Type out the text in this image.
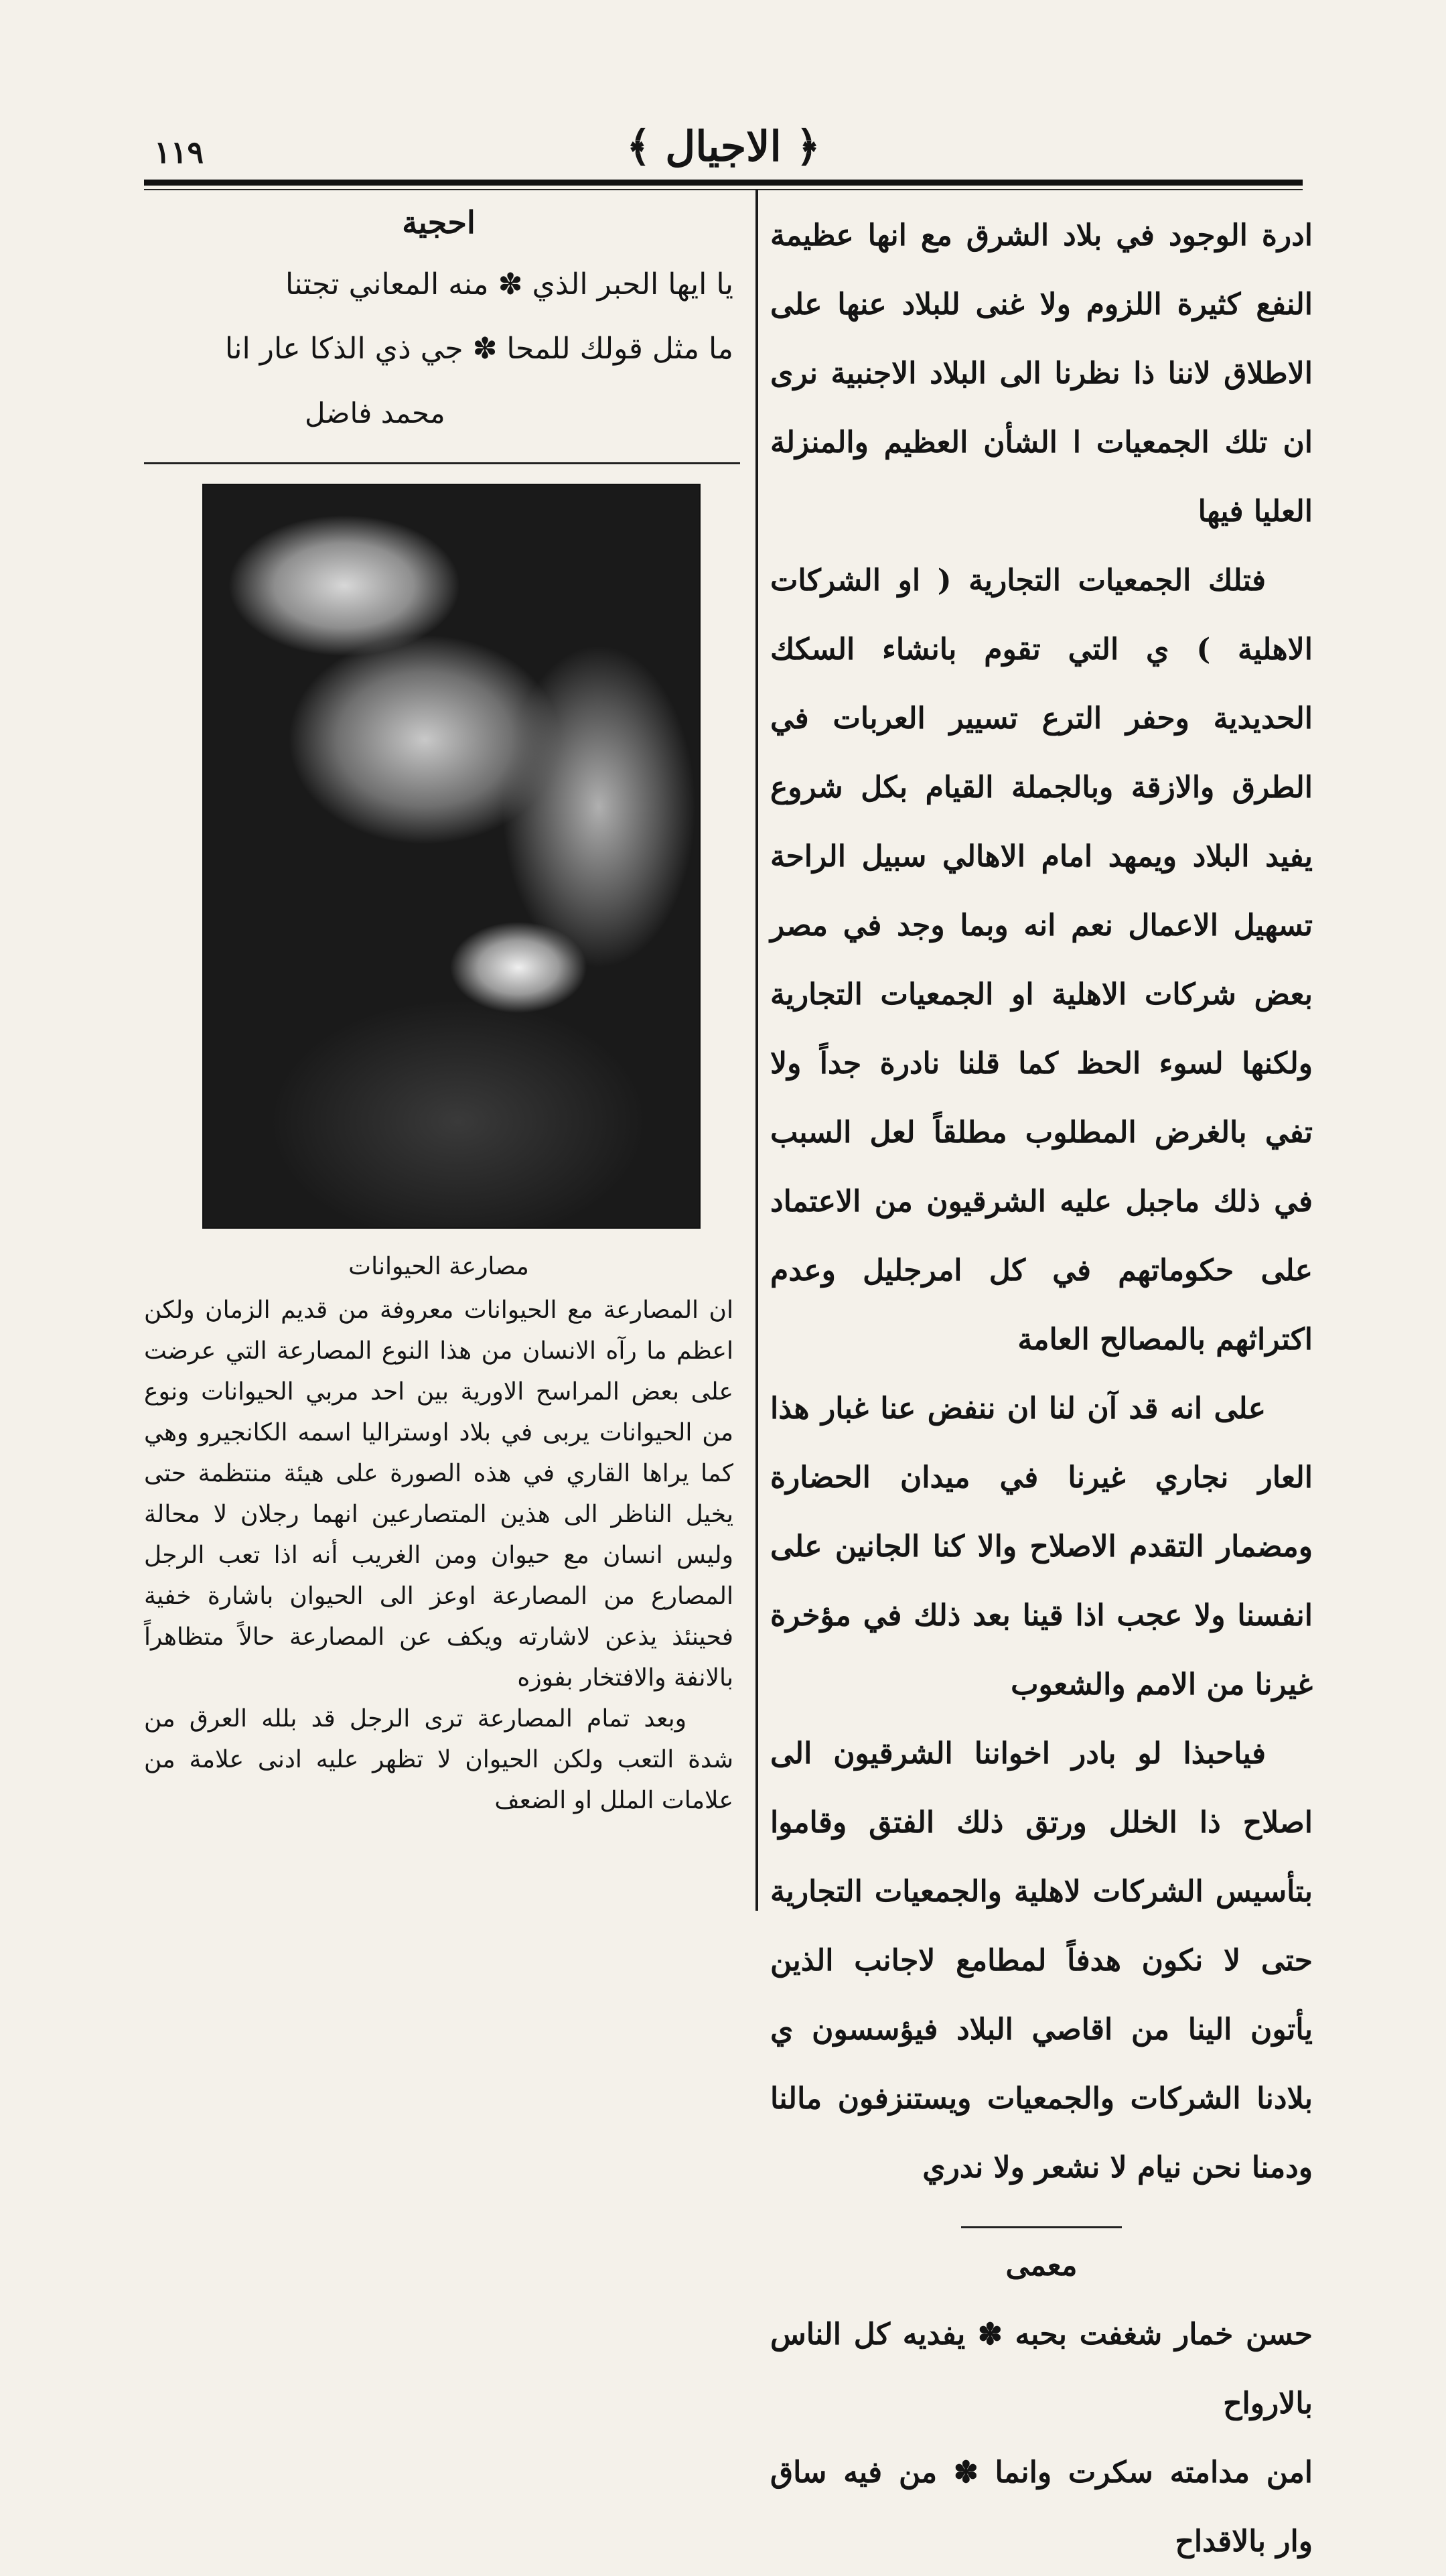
١١٩	﴿ الاجيال ﴾

ادرة الوجود في بلاد الشرق مع انها عظيمة النفع كثيرة اللزوم ولا غنى للبلاد عنها على الاطلاق لاننا ذا نظرنا الى البلاد الاجنبية نرى ان تلك الجمعيات ا الشأن العظيم والمنزلة العليا فيها

فتلك الجمعيات التجارية ( او الشركات الاهلية ) ي التي تقوم بانشاء السكك الحديدية وحفر الترع تسيير العربات في الطرق والازقة وبالجملة القيام بكل شروع يفيد البلاد ويمهد امام الاهالي سبيل الراحة تسهيل الاعمال نعم انه وبما وجد في مصر بعض شركات الاهلية او الجمعيات التجارية ولكنها لسوء الحظ كما قلنا نادرة جداً ولا تفي بالغرض المطلوب مطلقاً لعل السبب في ذلك ماجبل عليه الشرقيون من الاعتماد على حكوماتهم في كل امرجليل وعدم اكتراثهم بالمصالح العامة

على انه قد آن لنا ان ننفض عنا غبار هذا العار نجاري غيرنا في ميدان الحضارة ومضمار التقدم الاصلاح والا كنا الجانين على انفسنا ولا عجب اذا قينا بعد ذلك في مؤخرة غيرنا من الامم والشعوب

فياحبذا لو بادر اخواننا الشرقيون الى اصلاح ذا الخلل ورتق ذلك الفتق وقاموا بتأسيس الشركات لاهلية والجمعيات التجارية حتى لا نكون هدفاً لمطامع لاجانب الذين يأتون الينا من اقاصي البلاد فيؤسسون ي بلادنا الشركات والجمعيات ويستنزفون مالنا ودمنا نحن نيام لا نشعر ولا ندري

معمى

حسن خمار شغفت بحبه ✽ يفديه كل الناس بالارواح

امن مدامته سكرت وانما ✽ من فيه ساق وار بالاقداح

احجية

يا ايها الحبر الذي ✽ منه المعاني تجتنا

ما مثل قولك للمحا ✽ جي ذي الذكا عار انا

محمد فاضل

مصارعة الحيوانات

ان المصارعة مع الحيوانات معروفة من قديم الزمان ولكن اعظم ما رآه الانسان من هذا النوع المصارعة التي عرضت على بعض المراسح الاورية بين احد مربي الحيوانات ونوع من الحيوانات يربى في بلاد اوستراليا اسمه الكانجيرو وهي كما يراها القاري في هذه الصورة على هيئة منتظمة حتى يخيل الناظر الى هذين المتصارعين انهما رجلان لا محالة وليس انسان مع حيوان ومن الغريب أنه اذا تعب الرجل المصارع من المصارعة اوعز الى الحيوان باشارة خفية فحينئذ يذعن لاشارته ويكف عن المصارعة حالاً متظاهراً بالانفة والافتخار بفوزه

وبعد تمام المصارعة ترى الرجل قد بلله العرق من شدة التعب ولكن الحيوان لا تظهر عليه ادنى علامة من علامات الملل او الضعف
